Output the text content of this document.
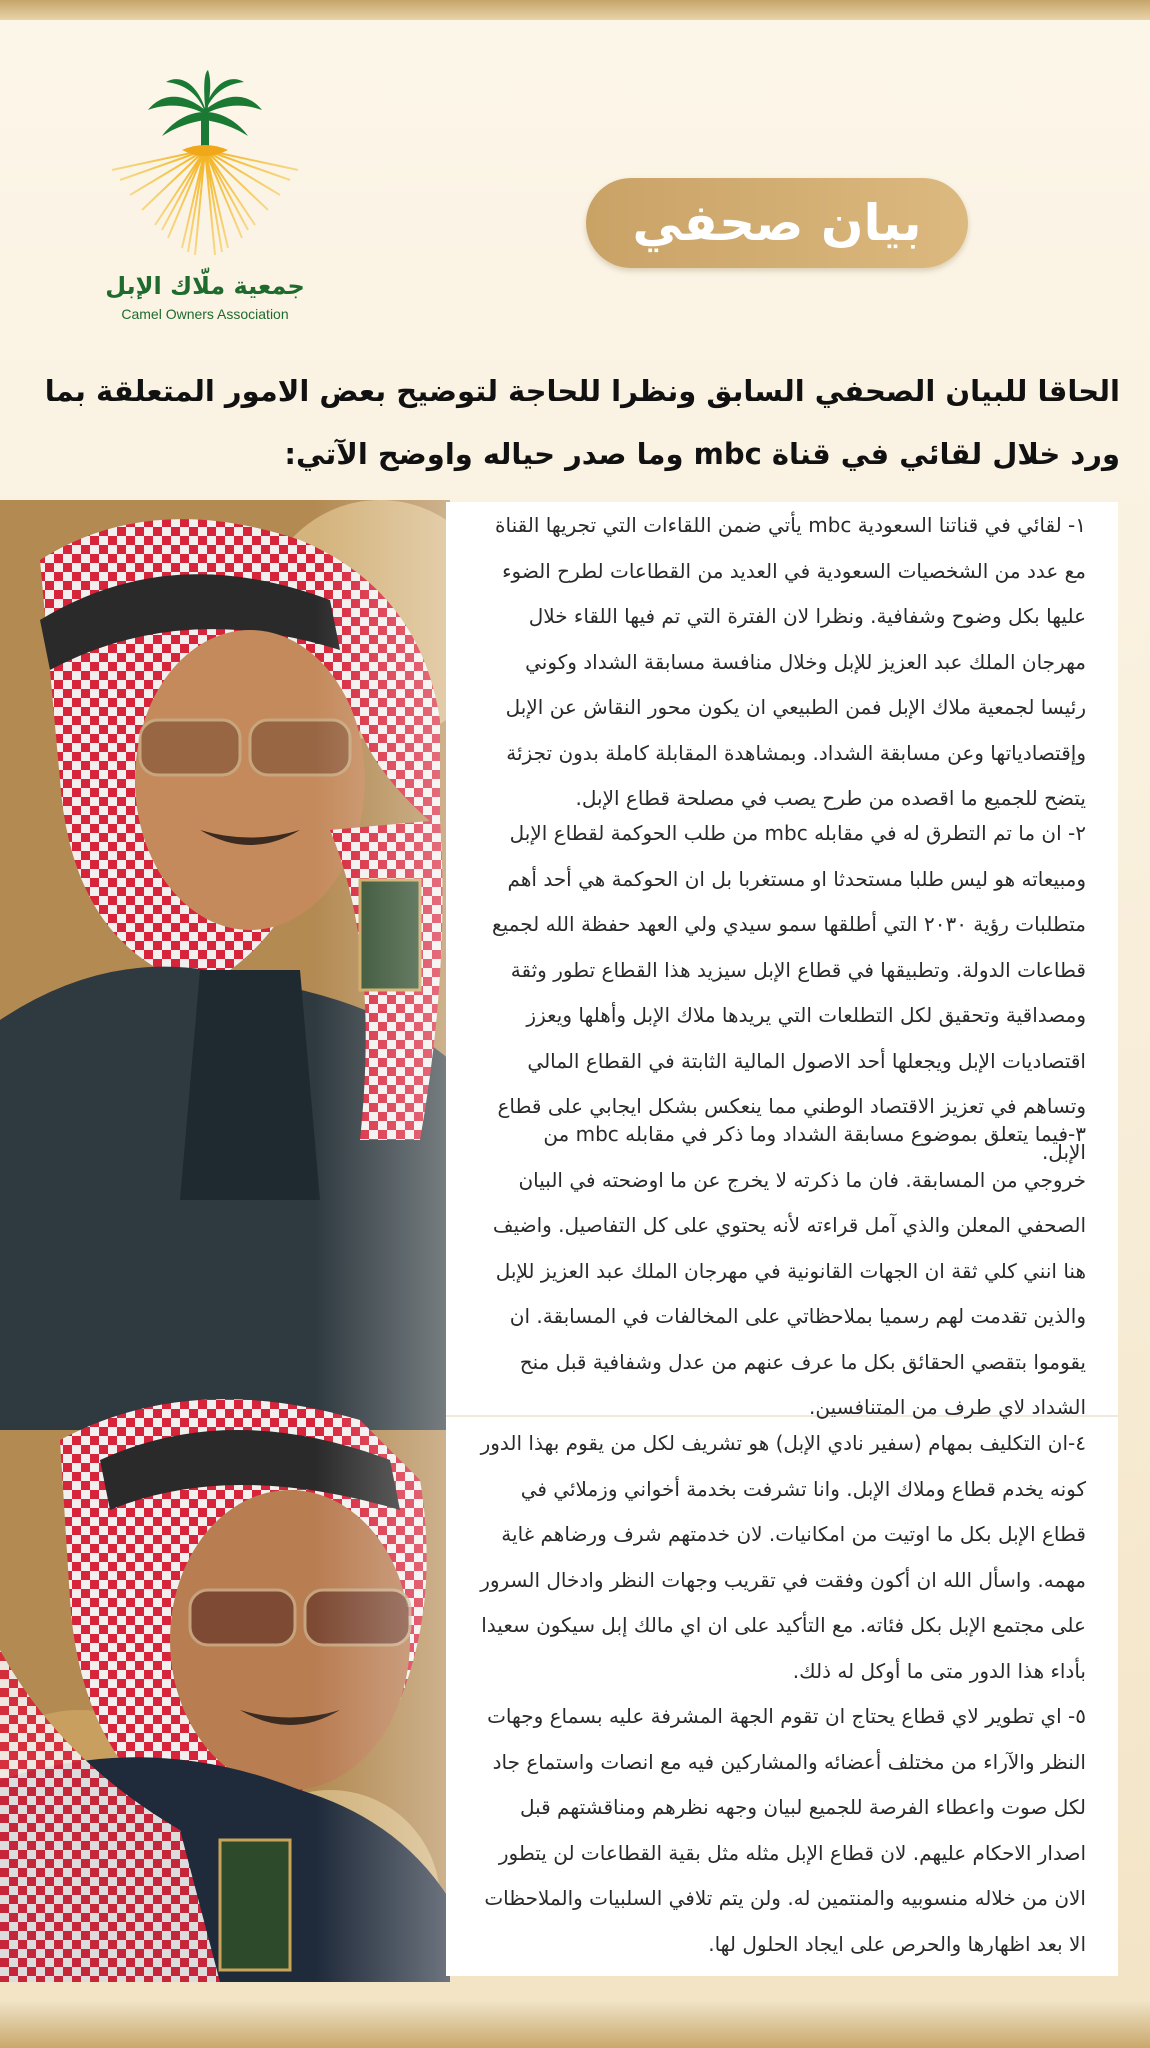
جمعية ملّاك الإبل
Camel Owners Association
بيان صحفي
الحاقا للبيان الصحفي السابق ونظرا للحاجة لتوضيح بعض الامور المتعلقة بما ورد خلال لقائي في قناة mbc وما صدر حياله واوضح الآتي:
١- لقائي في قناتنا السعودية mbc يأتي ضمن اللقاءات التي تجريها القناة مع عدد من الشخصيات السعودية في العديد من القطاعات لطرح الضوء عليها بكل وضوح وشفافية. ونظرا لان الفترة التي تم فيها اللقاء خلال مهرجان الملك عبد العزيز للإبل وخلال منافسة مسابقة الشداد وكوني رئيسا لجمعية ملاك الإبل فمن الطبيعي ان يكون محور النقاش عن الإبل وإقتصادياتها وعن مسابقة الشداد. وبمشاهدة المقابلة كاملة بدون تجزئة يتضح للجميع ما اقصده من طرح يصب في مصلحة قطاع الإبل.
٢- ان ما تم التطرق له في مقابله mbc من طلب الحوكمة لقطاع الإبل ومبيعاته هو ليس طلبا مستحدثا او مستغربا بل ان الحوكمة هي أحد أهم متطلبات رؤية ٢٠٣٠ التي أطلقها سمو سيدي ولي العهد حفظة الله لجميع قطاعات الدولة. وتطبيقها في قطاع الإبل سيزيد هذا القطاع تطور وثقة ومصداقية وتحقيق لكل التطلعات التي يريدها ملاك الإبل وأهلها ويعزز اقتصاديات الإبل ويجعلها أحد الاصول المالية الثابتة في القطاع المالي وتساهم في تعزيز الاقتصاد الوطني مما ينعكس بشكل ايجابي على قطاع الإبل.
٣-فيما يتعلق بموضوع مسابقة الشداد وما ذكر في مقابله mbc من خروجي من المسابقة. فان ما ذكرته لا يخرج عن ما اوضحته في البيان الصحفي المعلن والذي آمل قراءته لأنه يحتوي على كل التفاصيل. واضيف هنا انني كلي ثقة ان الجهات القانونية في مهرجان الملك عبد العزيز للإبل والذين تقدمت لهم رسميا بملاحظاتي على المخالفات في المسابقة. ان يقوموا بتقصي الحقائق بكل ما عرف عنهم من عدل وشفافية قبل منح الشداد لاي طرف من المتنافسين.
٤-ان التكليف بمهام (سفير نادي الإبل) هو تشريف لكل من يقوم بهذا الدور كونه يخدم قطاع وملاك الإبل. وانا تشرفت بخدمة أخواني وزملائي في قطاع الإبل بكل ما اوتيت من امكانيات. لان خدمتهم شرف ورضاهم غاية مهمه. واسأل الله ان أكون وفقت في تقريب وجهات النظر وادخال السرور على مجتمع الإبل بكل فئاته. مع التأكيد على ان اي مالك إبل سيكون سعيدا بأداء هذا الدور متى ما أوكل له ذلك.
٥- اي تطوير لاي قطاع يحتاج ان تقوم الجهة المشرفة عليه بسماع وجهات النظر والآراء من مختلف أعضائه والمشاركين فيه مع انصات واستماع جاد لكل صوت واعطاء الفرصة للجميع لبيان وجهه نظرهم ومناقشتهم قبل اصدار الاحكام عليهم. لان قطاع الإبل مثله مثل بقية القطاعات لن يتطور الان من خلاله منسوبيه والمنتمين له. ولن يتم تلافي السلبيات والملاحظات الا بعد اظهارها والحرص على ايجاد الحلول لها.
